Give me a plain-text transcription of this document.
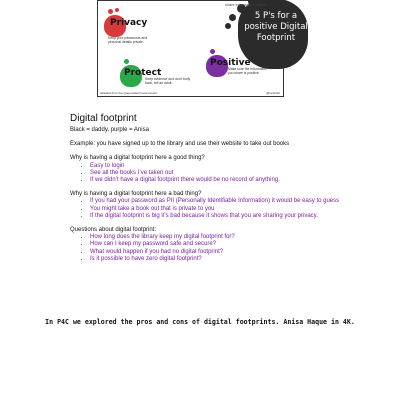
5 P's for a positive Digital Footprint
Privacy
Keep your passwords and personal details private.
Protect
Keep evidence and don't bully back, tell an adult.
Positive
Make sure the information you share is positive.
adapted from the Queensland Government	@mrsbeth
share information online.

Digital footprint

Black = daddy, purple = Anisa

Example: you have signed up to the library and use their website to take out books

Why is having a digital footprint here a good thing?

• Easy to login
• See all the books I’ve taken out
• If we didn’t have a digital footprint there would be no record of anything.

Why is having a digital footprint here a bad thing?

• If you had your password as PII (Personally Identifiable Information) it would be easy to guess
• You might take a book out that is private to you
• If the digital footprint is big it’s bad because it shows that you are sharing your privacy.

Questions about digital footprint:

• How long does the library keep my digital footprint for?
• How can I keep my password safe and secure?
• What would happen if you had no digital footprint?
• Is it possible to have zero digital footprint?
In P4C we explored the pros and cons of digital footprints. Anisa Haque in 4K.
